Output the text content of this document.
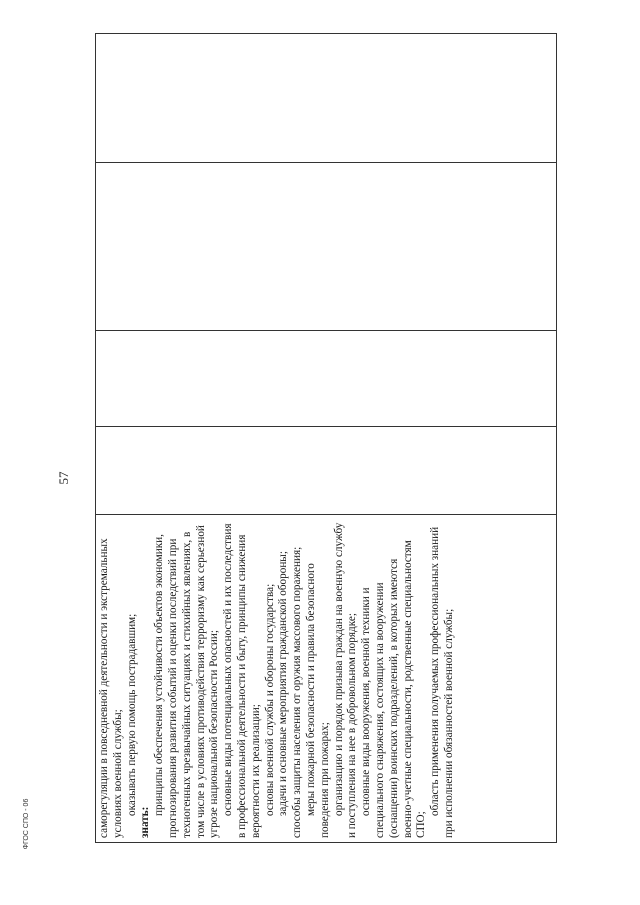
57

саморегуляции в повседневной деятельности и экстремальных условиях военной службы; оказывать первую помощь пострадавшим;

знать:

принципы обеспечения устойчивости объектов экономики, прогнозирования развития событий и оценки последствий при техногенных чрезвычайных ситуациях и стихийных явлениях, в том числе в условиях противодействия терроризму как серьезной угрозе национальной безопасности России; основные виды потенциальных опасностей и их последствия в профессиональной деятельности и быту, принципы снижения вероятности их реализации; основы военной службы и обороны государства; задачи и основные мероприятия гражданской обороны; способы защиты населения от оружия массового поражения; меры пожарной безопасности и правила безопасного поведения при пожарах; организацию и порядок призыва граждан на военную службу и поступления на нее в добровольном порядке; основные виды вооружения, военной техники и специального снаряжения, состоящих на вооружении (оснащении) воинских подразделений, в которых имеются военно-учетные специальности, родственные специальностям СПО;

область применения получаемых профессиональных знаний при исполнении обязанностей военной службы;

ФГОС СПО - 06
